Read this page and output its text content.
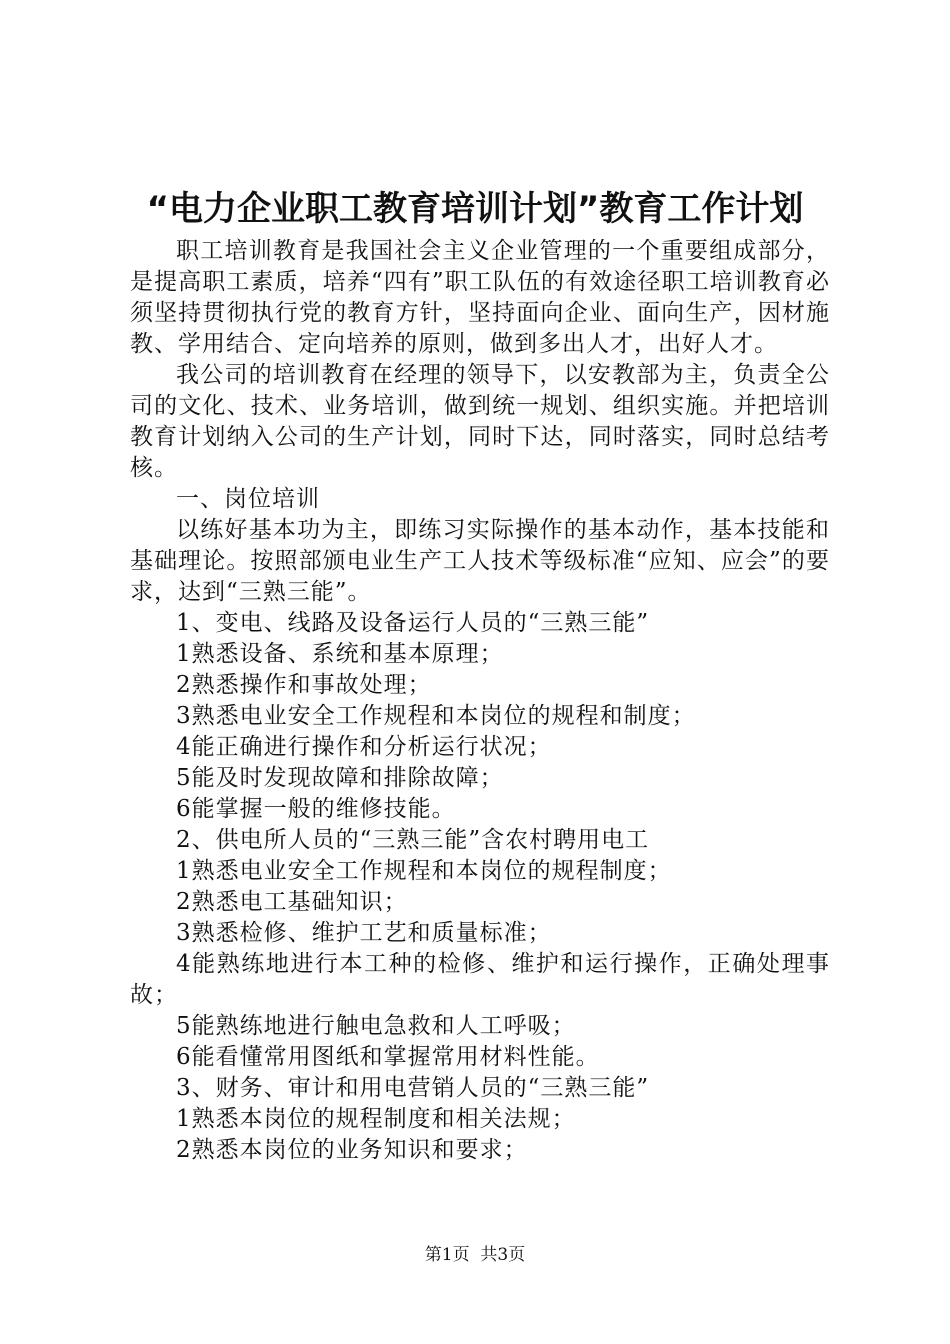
“电力企业职工教育培训计划”教育工作计划

职工培训教育是我国社会主义企业管理的一个重要组成部分，是提高职工素质，培养“四有”职工队伍的有效途径职工培训教育必须坚持贯彻执行党的教育方针，坚持面向企业、面向生产，因材施教、学用结合、定向培养的原则，做到多出人才，出好人才。

我公司的培训教育在经理的领导下，以安教部为主，负责全公司的文化、技术、业务培训，做到统一规划、组织实施。并把培训教育计划纳入公司的生产计划，同时下达，同时落实，同时总结考核。

一、岗位培训

以练好基本功为主，即练习实际操作的基本动作，基本技能和基础理论。按照部颁电业生产工人技术等级标准“应知、应会”的要求，达到“三熟三能”。

1、变电、线路及设备运行人员的“三熟三能”

1熟悉设备、系统和基本原理；

2熟悉操作和事故处理；

3熟悉电业安全工作规程和本岗位的规程和制度；

4能正确进行操作和分析运行状况；

5能及时发现故障和排除故障；

6能掌握一般的维修技能。

2、供电所人员的“三熟三能”含农村聘用电工

1熟悉电业安全工作规程和本岗位的规程制度；

2熟悉电工基础知识；

3熟悉检修、维护工艺和质量标准；

4能熟练地进行本工种的检修、维护和运行操作，正确处理事故；

5能熟练地进行触电急救和人工呼吸；

6能看懂常用图纸和掌握常用材料性能。

3、财务、审计和用电营销人员的“三熟三能”

1熟悉本岗位的规程制度和相关法规；

2熟悉本岗位的业务知识和要求；

第1页  共3页
